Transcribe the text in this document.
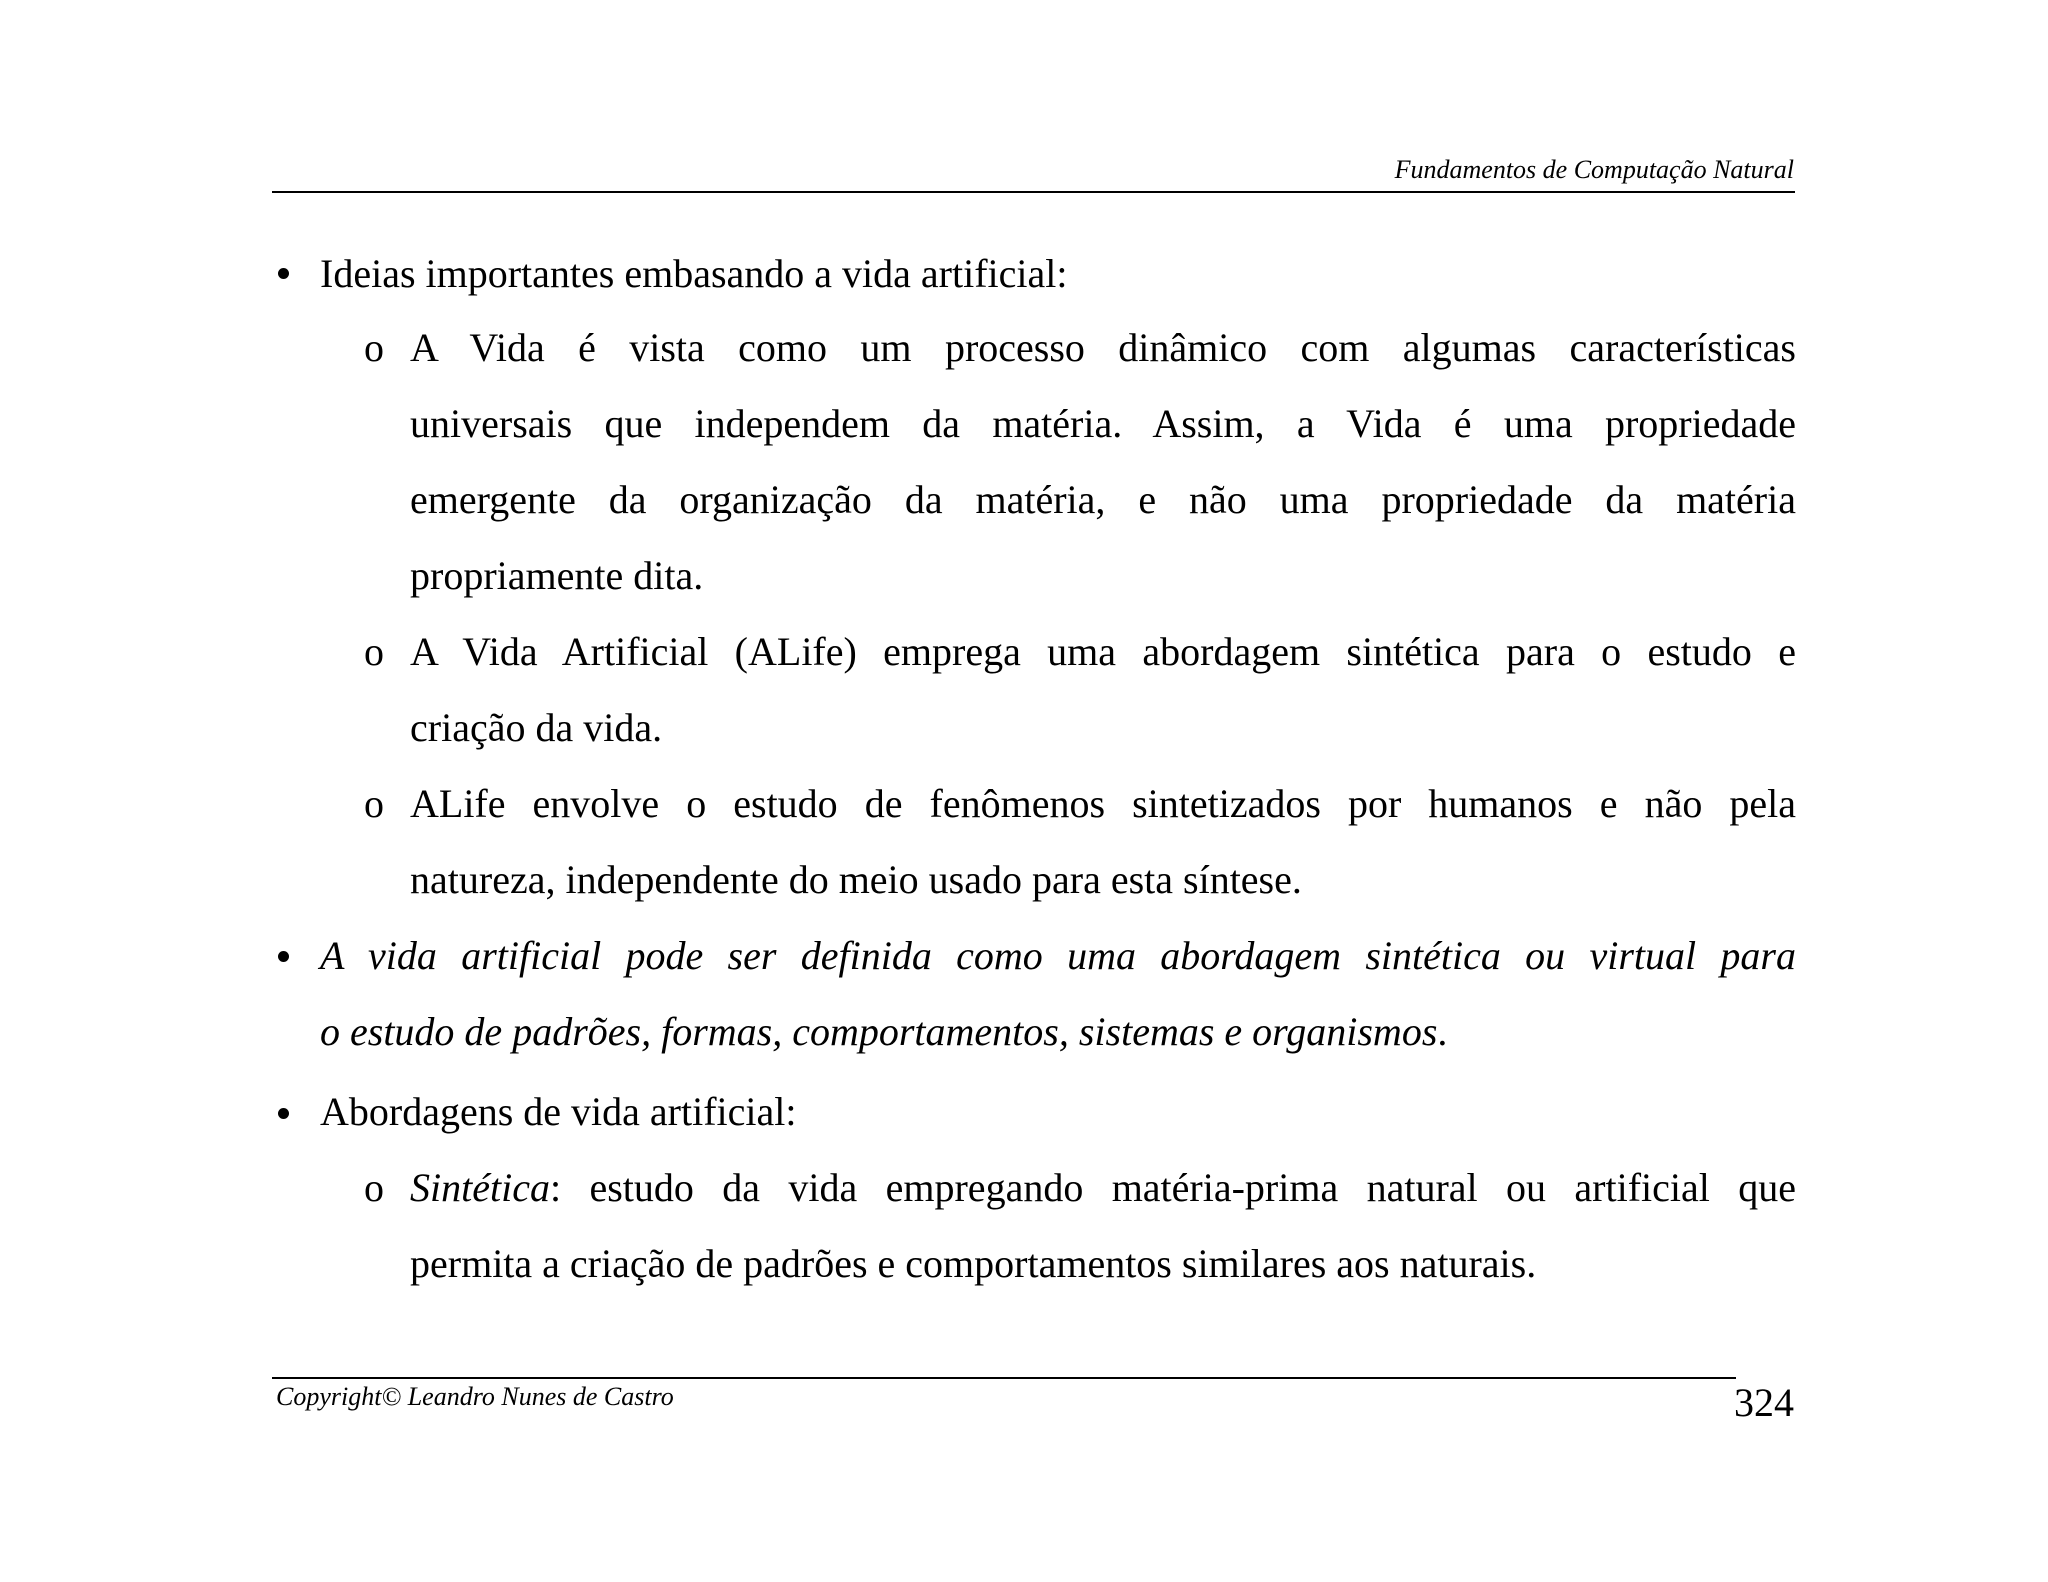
Fundamentos de Computação Natural
Ideias importantes embasando a vida artificial:
o A Vida é vista como um processo dinâmico com algumas características
universais que independem da matéria. Assim, a Vida é uma propriedade
emergente da organização da matéria, e não uma propriedade da matéria
propriamente dita.
o A Vida Artificial (ALife) emprega uma abordagem sintética para o estudo e
criação da vida.
o ALife envolve o estudo de fenômenos sintetizados por humanos e não pela
natureza, independente do meio usado para esta síntese.
A vida artificial pode ser definida como uma abordagem sintética ou virtual para
o estudo de padrões, formas, comportamentos, sistemas e organismos.
Abordagens de vida artificial:
o Sintética: estudo da vida empregando matéria-prima natural ou artificial que
permita a criação de padrões e comportamentos similares aos naturais.
Copyright© Leandro Nunes de Castro	324
